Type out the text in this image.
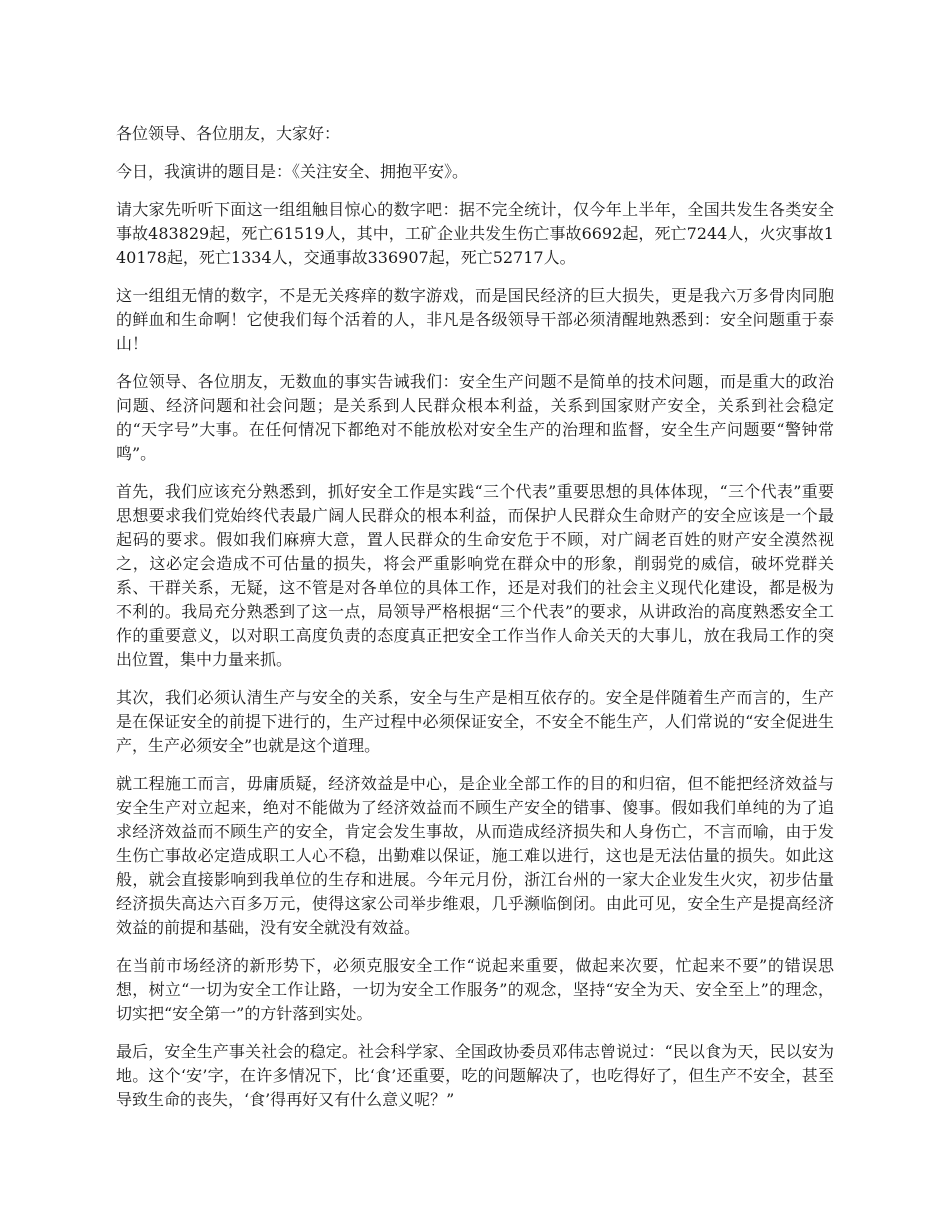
各位领导、各位朋友，大家好：

今日，我演讲的题目是：《关注安全、拥抱平安》。

请大家先听听下面这一组组触目惊心的数字吧：据不完全统计，仅今年上半年，全国共发生各类安全事故483829起，死亡61519人，其中，工矿企业共发生伤亡事故6692起，死亡7244人，火灾事故140178起，死亡1334人，交通事故336907起，死亡52717人。

这一组组无情的数字，不是无关疼痒的数字游戏，而是国民经济的巨大损失，更是我六万多骨肉同胞的鲜血和生命啊！它使我们每个活着的人，非凡是各级领导干部必须清醒地熟悉到：安全问题重于泰山！

各位领导、各位朋友，无数血的事实告诫我们：安全生产问题不是简单的技术问题，而是重大的政治问题、经济问题和社会问题；是关系到人民群众根本利益，关系到国家财产安全，关系到社会稳定的“天字号”大事。在任何情况下都绝对不能放松对安全生产的治理和监督，安全生产问题要“警钟常鸣”。

首先，我们应该充分熟悉到，抓好安全工作是实践“三个代表”重要思想的具体体现，“三个代表”重要思想要求我们党始终代表最广阔人民群众的根本利益，而保护人民群众生命财产的安全应该是一个最起码的要求。假如我们麻痹大意，置人民群众的生命安危于不顾，对广阔老百姓的财产安全漠然视之，这必定会造成不可估量的损失，将会严重影响党在群众中的形象，削弱党的威信，破坏党群关系、干群关系，无疑，这不管是对各单位的具体工作，还是对我们的社会主义现代化建设，都是极为不利的。我局充分熟悉到了这一点，局领导严格根据“三个代表”的要求，从讲政治的高度熟悉安全工作的重要意义，以对职工高度负责的态度真正把安全工作当作人命关天的大事儿，放在我局工作的突出位置，集中力量来抓。

其次，我们必须认清生产与安全的关系，安全与生产是相互依存的。安全是伴随着生产而言的，生产是在保证安全的前提下进行的，生产过程中必须保证安全，不安全不能生产，人们常说的“安全促进生产，生产必须安全”也就是这个道理。

就工程施工而言，毋庸质疑，经济效益是中心，是企业全部工作的目的和归宿，但不能把经济效益与安全生产对立起来，绝对不能做为了经济效益而不顾生产安全的错事、傻事。假如我们单纯的为了追求经济效益而不顾生产的安全，肯定会发生事故，从而造成经济损失和人身伤亡，不言而喻，由于发生伤亡事故必定造成职工人心不稳，出勤难以保证，施工难以进行，这也是无法估量的损失。如此这般，就会直接影响到我单位的生存和进展。今年元月份，浙江台州的一家大企业发生火灾，初步估量经济损失高达六百多万元，使得这家公司举步维艰，几乎濒临倒闭。由此可见，安全生产是提高经济效益的前提和基础，没有安全就没有效益。

在当前市场经济的新形势下，必须克服安全工作“说起来重要，做起来次要，忙起来不要”的错误思想，树立“一切为安全工作让路，一切为安全工作服务”的观念，坚持“安全为天、安全至上”的理念，切实把“安全第一”的方针落到实处。

最后，安全生产事关社会的稳定。社会科学家、全国政协委员邓伟志曾说过：“民以食为天，民以安为地。这个‘安’字，在许多情况下，比‘食’还重要，吃的问题解决了，也吃得好了，但生产不安全，甚至导致生命的丧失，‘食’得再好又有什么意义呢？”
